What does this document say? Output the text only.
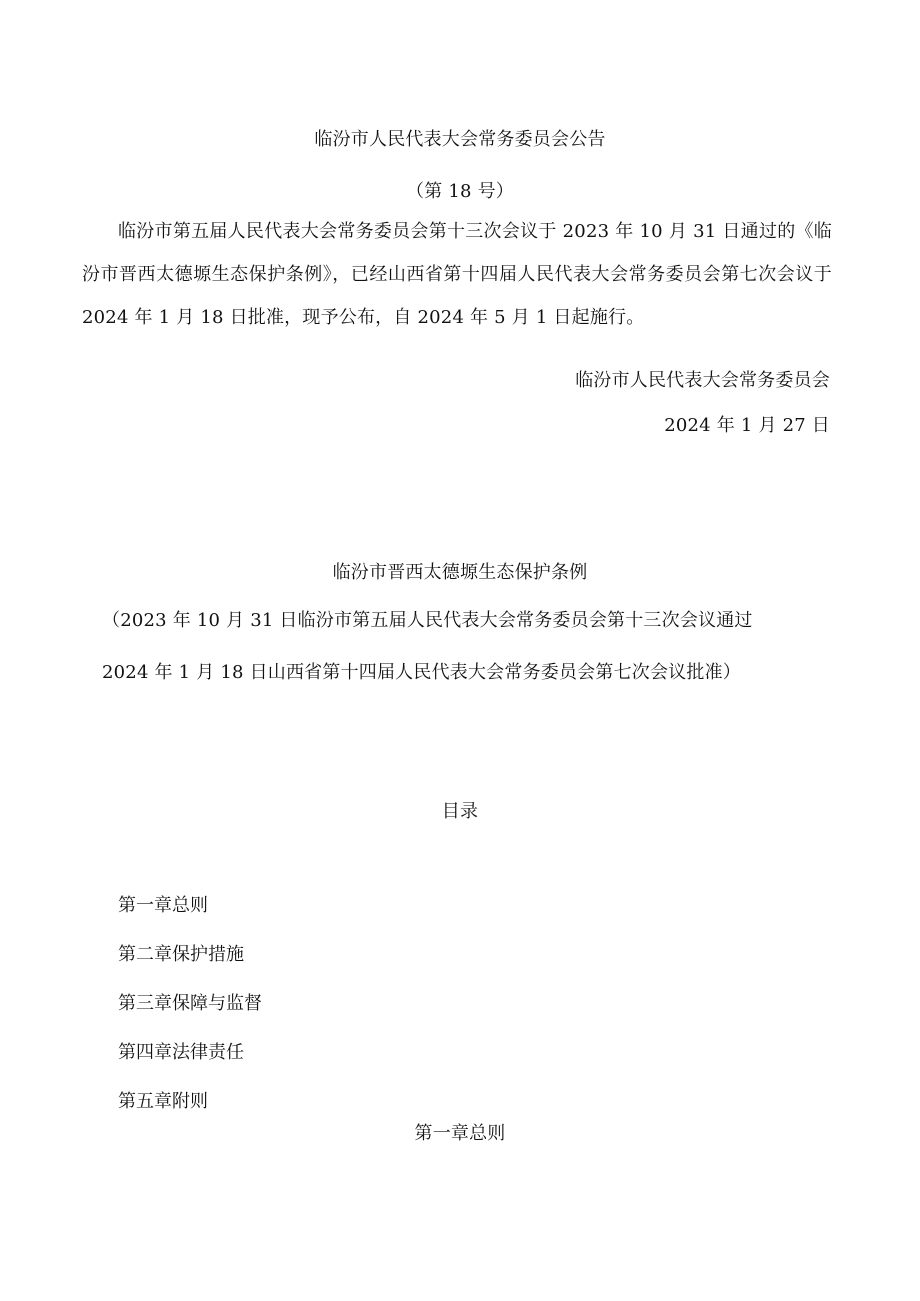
临汾市人民代表大会常务委员会公告
（第 18 号）
临汾市第五届人民代表大会常务委员会第十三次会议于 2023 年 10 月 31 日通过的《临汾市晋西太德塬生态保护条例》，已经山西省第十四届人民代表大会常务委员会第七次会议于 2024 年 1 月 18 日批准，现予公布，自 2024 年 5 月 1 日起施行。
临汾市人民代表大会常务委员会
2024 年 1 月 27 日
临汾市晋西太德塬生态保护条例
（2023 年 10 月 31 日临汾市第五届人民代表大会常务委员会第十三次会议通过
2024 年 1 月 18 日山西省第十四届人民代表大会常务委员会第七次会议批准）
目录
第一章总则
第二章保护措施
第三章保障与监督
第四章法律责任
第五章附则
第一章总则
